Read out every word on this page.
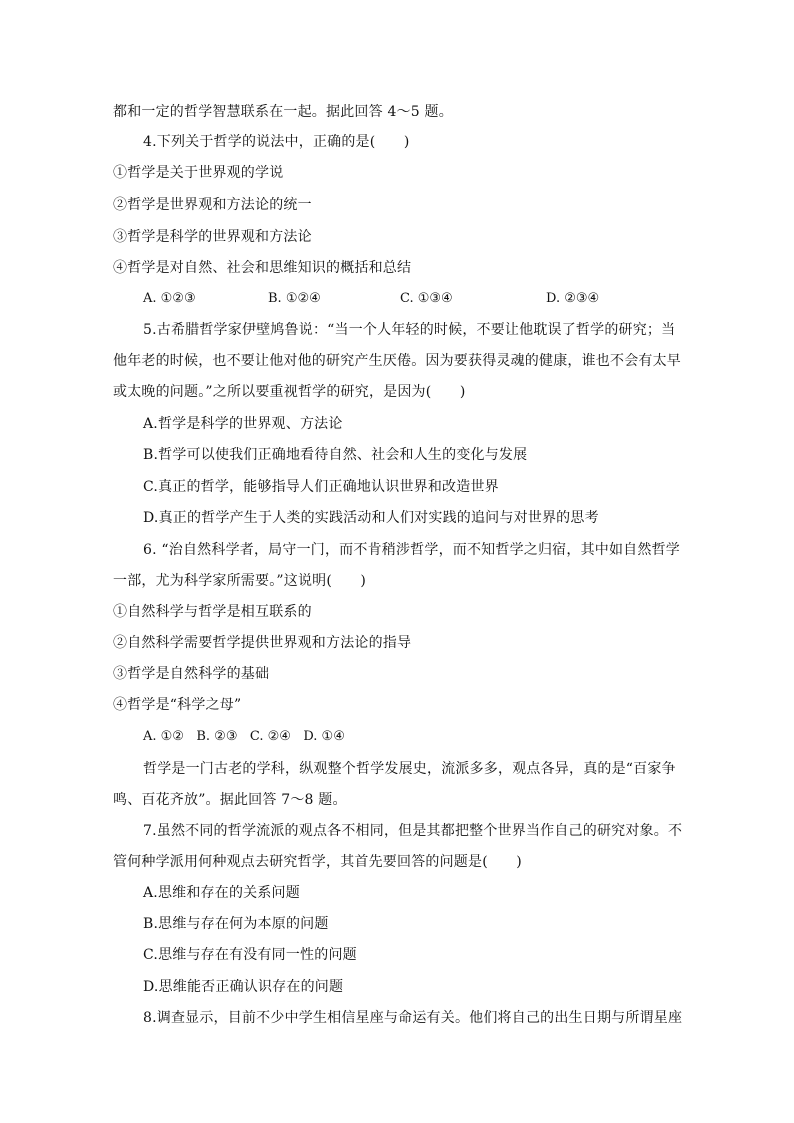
都和一定的哲学智慧联系在一起。据此回答 4～5 题。
4.下列关于哲学的说法中，正确的是(　　)
①哲学是关于世界观的学说
②哲学是世界观和方法论的统一
③哲学是科学的世界观和方法论
④哲学是对自然、社会和思维知识的概括和总结
A. ①②③	B. ①②④	C. ①③④	D. ②③④
5.古希腊哲学家伊壁鸠鲁说：“当一个人年轻的时候，不要让他耽误了哲学的研究；当
他年老的时候，也不要让他对他的研究产生厌倦。因为要获得灵魂的健康，谁也不会有太早
或太晚的问题。”之所以要重视哲学的研究，是因为(　　)
A.哲学是科学的世界观、方法论
B.哲学可以使我们正确地看待自然、社会和人生的变化与发展
C.真正的哲学，能够指导人们正确地认识世界和改造世界
D.真正的哲学产生于人类的实践活动和人们对实践的追问与对世界的思考
6. “治自然科学者，局守一门，而不肯稍涉哲学，而不知哲学之归宿，其中如自然哲学
一部，尤为科学家所需要。”这说明(　　)
①自然科学与哲学是相互联系的
②自然科学需要哲学提供世界观和方法论的指导
③哲学是自然科学的基础
④哲学是“科学之母”
A. ①②   B. ②③   C. ②④   D. ①④
哲学是一门古老的学科，纵观整个哲学发展史，流派多多，观点各异，真的是“百家争
鸣、百花齐放”。据此回答 7～8 题。
7.虽然不同的哲学流派的观点各不相同，但是其都把整个世界当作自己的研究对象。不
管何种学派用何种观点去研究哲学，其首先要回答的问题是(　　)
A.思维和存在的关系问题
B.思维与存在何为本原的问题
C.思维与存在有没有同一性的问题
D.思维能否正确认识存在的问题
8.调查显示，目前不少中学生相信星座与命运有关。他们将自己的出生日期与所谓星座
